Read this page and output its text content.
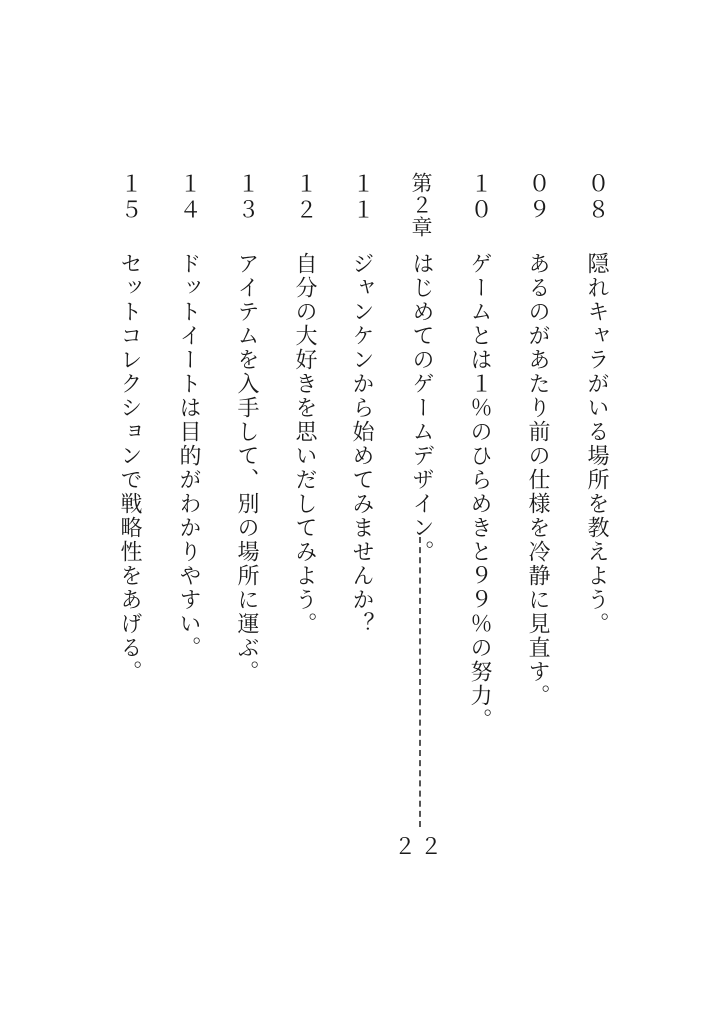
０８
隠れキャラがいる場所を教えよう。
０９
あるのがあたり前の仕様を冷静に見直す。
１０
ゲームとは１％のひらめきと９９％の努力。
第２章
はじめてのゲームデザイン。
２２
１１
ジャンケンから始めてみませんか？
１２
自分の大好きを思いだしてみよう。
１３
アイテムを入手して、別の場所に運ぶ。
１４
ドットイートは目的がわかりやすい。
１５
セットコレクションで戦略性をあげる。
